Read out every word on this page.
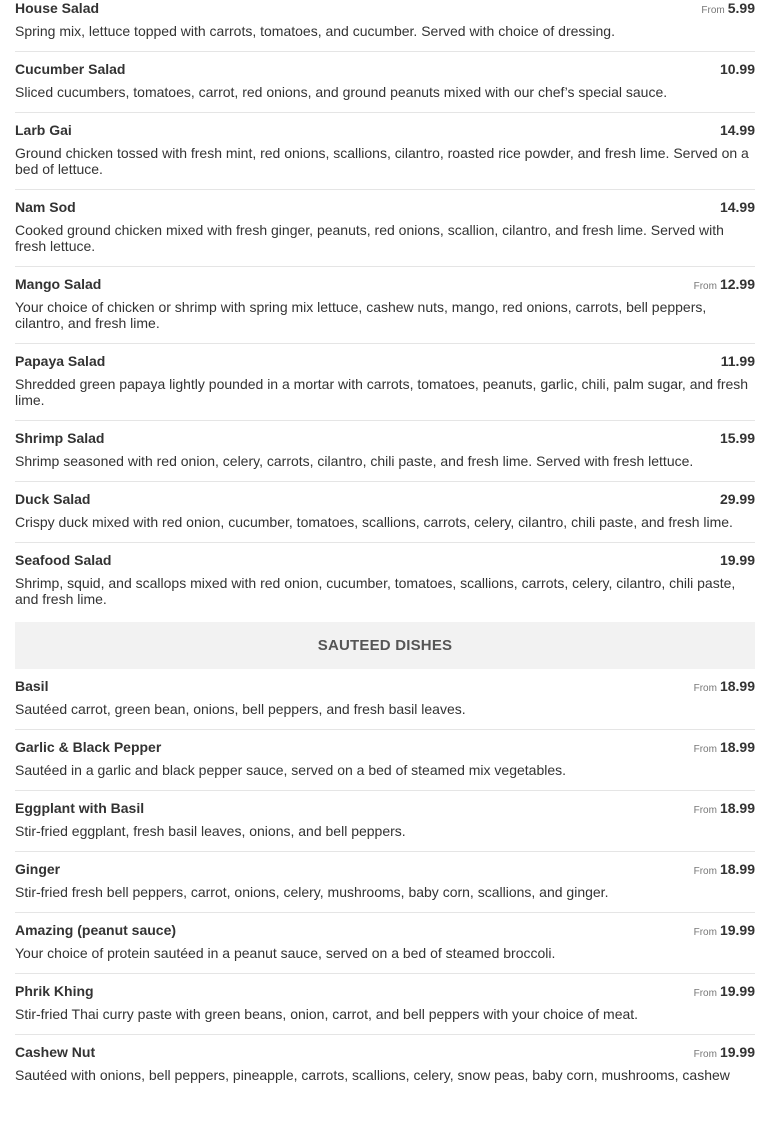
House Salad	From 5.99
Spring mix, lettuce topped with carrots, tomatoes, and cucumber. Served with choice of dressing.
Cucumber Salad	10.99
Sliced cucumbers, tomatoes, carrot, red onions, and ground peanuts mixed with our chef’s special sauce.
Larb Gai	14.99
Ground chicken tossed with fresh mint, red onions, scallions, cilantro, roasted rice powder, and fresh lime. Served on a bed of lettuce.
Nam Sod	14.99
Cooked ground chicken mixed with fresh ginger, peanuts, red onions, scallion, cilantro, and fresh lime. Served with fresh lettuce.
Mango Salad	From 12.99
Your choice of chicken or shrimp with spring mix lettuce, cashew nuts, mango, red onions, carrots, bell peppers, cilantro, and fresh lime.
Papaya Salad	11.99
Shredded green papaya lightly pounded in a mortar with carrots, tomatoes, peanuts, garlic, chili, palm sugar, and fresh lime.
Shrimp Salad	15.99
Shrimp seasoned with red onion, celery, carrots, cilantro, chili paste, and fresh lime. Served with fresh lettuce.
Duck Salad	29.99
Crispy duck mixed with red onion, cucumber, tomatoes, scallions, carrots, celery, cilantro, chili paste, and fresh lime.
Seafood Salad	19.99
Shrimp, squid, and scallops mixed with red onion, cucumber, tomatoes, scallions, carrots, celery, cilantro, chili paste, and fresh lime.
SAUTEED DISHES
Basil	From 18.99
Sautéed carrot, green bean, onions, bell peppers, and fresh basil leaves.
Garlic & Black Pepper	From 18.99
Sautéed in a garlic and black pepper sauce, served on a bed of steamed mix vegetables.
Eggplant with Basil	From 18.99
Stir-fried eggplant, fresh basil leaves, onions, and bell peppers.
Ginger	From 18.99
Stir-fried fresh bell peppers, carrot, onions, celery, mushrooms, baby corn, scallions, and ginger.
Amazing (peanut sauce)	From 19.99
Your choice of protein sautéed in a peanut sauce, served on a bed of steamed broccoli.
Phrik Khing	From 19.99
Stir-fried Thai curry paste with green beans, onion, carrot, and bell peppers with your choice of meat.
Cashew Nut	From 19.99
Sautéed with onions, bell peppers, pineapple, carrots, scallions, celery, snow peas, baby corn, mushrooms, cashew
